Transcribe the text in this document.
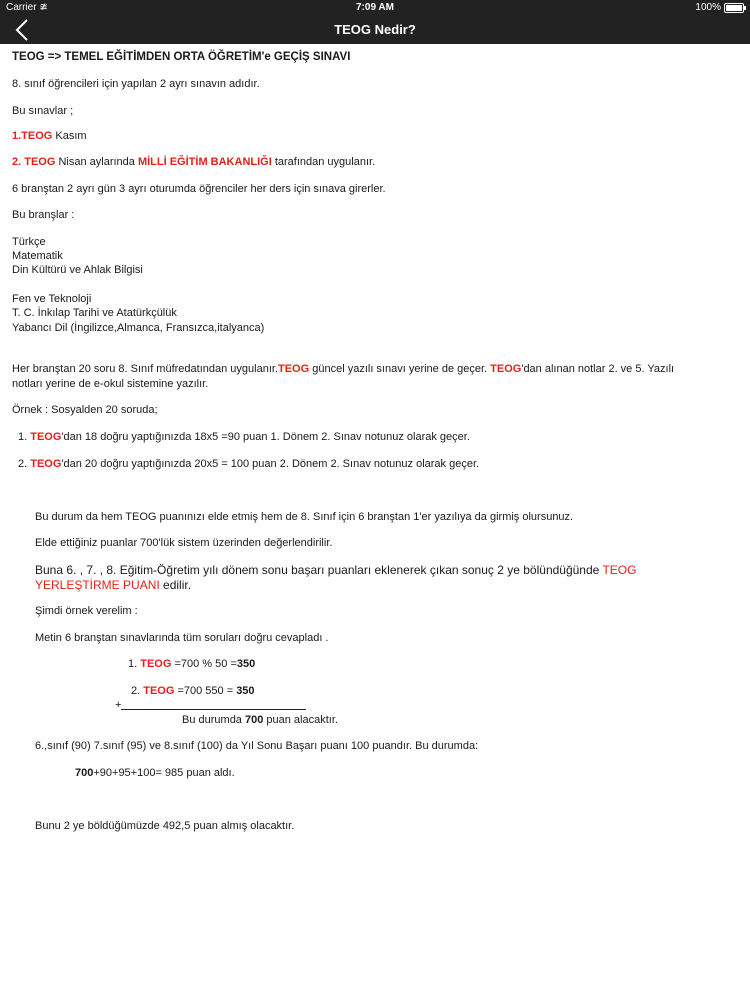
Carrier ≇	7:09 AM	100%
TEOG Nedir?
TEOG => TEMEL EĞİTİMDEN ORTA ÖĞRETİM'e GEÇİŞ SINAVI
8. sınıf öğrencileri için yapılan 2 ayrı sınavın adıdır.
Bu sınavlar ;
1.TEOG Kasım
2. TEOG Nisan aylarında MİLLİ EĞİTİM BAKANLIĞI tarafından uygulanır.
6 branştan 2 ayrı gün 3 ayrı oturumda öğrenciler her ders için sınava girerler.
Bu branşlar :
Türkçe
Matematik
Din Kültürü ve Ahlak Bilgisi
Fen ve Teknoloji
T. C. İnkılap Tarihi ve Atatürkçülük
Yabancı Dil (İngilizce,Almanca, Fransızca,italyanca)
Her branştan 20 soru 8. Sınıf müfredatından uygulanır.TEOG güncel yazılı sınavı yerine de geçer. TEOG'dan alınan notlar 2. ve 5. Yazılı
notları yerine de e-okul sistemine yazılır.
Örnek : Sosyalden 20 soruda;
1. TEOG'dan 18 doğru yaptığınızda 18x5 =90 puan 1. Dönem 2. Sınav notunuz olarak geçer.
2. TEOG'dan 20 doğru yaptığınızda 20x5 = 100 puan 2. Dönem 2. Sınav notunuz olarak geçer.
Bu durum da hem TEOG puanınızı elde etmiş hem de 8. Sınıf için 6 branştan 1'er yazılıya da girmiş olursunuz.
Elde ettiğiniz puanlar 700'lük sistem üzerinden değerlendirilir.
Buna 6. , 7. , 8. Eğitim-Öğretim yılı dönem sonu başarı puanları eklenerek çıkan sonuç 2 ye bölündüğünde TEOG
YERLEŞTİRME PUANI edilir.
Şimdi örnek verelim :
Metin 6 branştan sınavlarında tüm soruları doğru cevapladı .
1. TEOG =700 % 50 =350
2. TEOG =700 550 = 350
+
Bu durumda 700 puan alacaktır.
6.,sınıf (90) 7.sınıf (95) ve 8.sınıf (100) da Yıl Sonu Başarı puanı 100 puandır. Bu durumda:
700+90+95+100= 985 puan aldı.
Bunu 2 ye böldüğümüzde 492,5 puan almış olacaktır.
